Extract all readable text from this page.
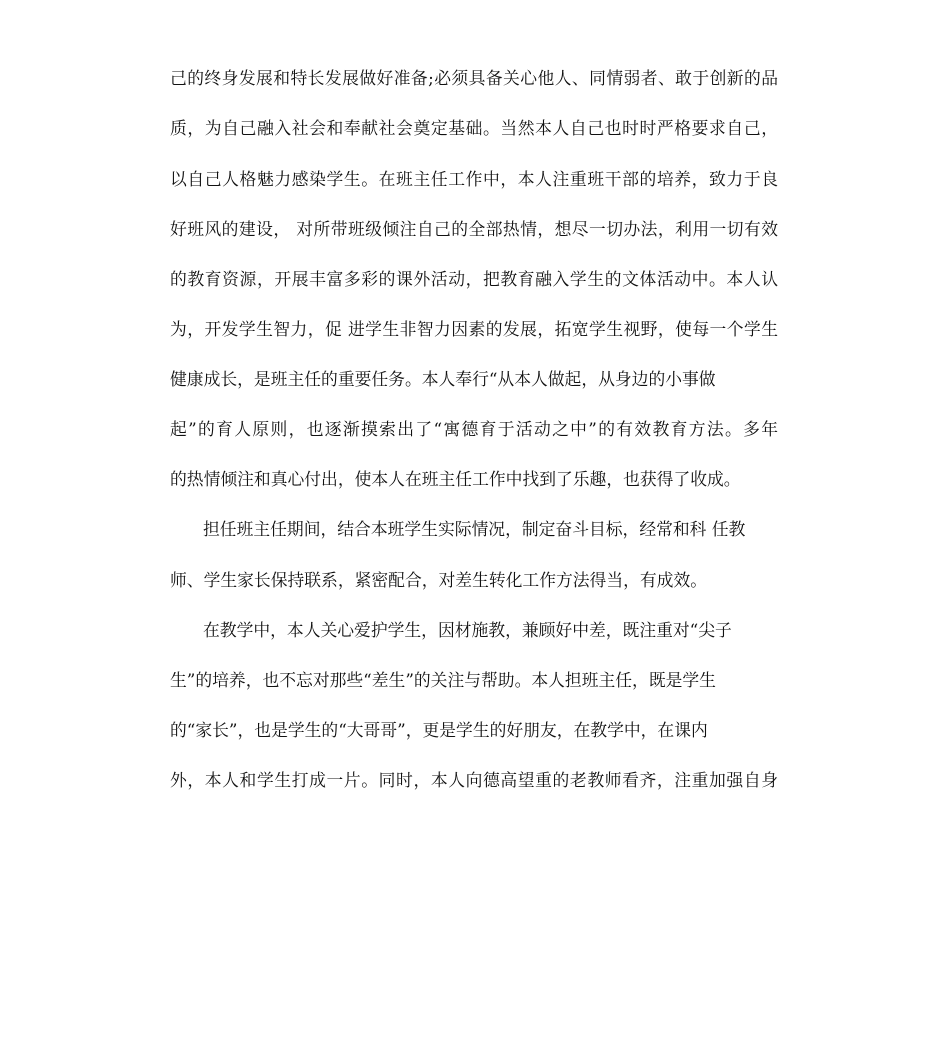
己的终身发展和特长发展做好准备;必须具备关心他人、同情弱者、敢于创新的品

质，为自己融入社会和奉献社会奠定基础。当然本人自己也时时严格要求自己，

以自己人格魅力感染学生。在班主任工作中，本人注重班干部的培养，致力于良

好班风的建设， 对所带班级倾注自己的全部热情，想尽一切办法，利用一切有效

的教育资源，开展丰富多彩的课外活动，把教育融入学生的文体活动中。本人认

为，开发学生智力，促 进学生非智力因素的发展，拓宽学生视野，使每一个学生

健康成长，是班主任的重要任务。本人奉行“从本人做起，从身边的小事做

起”的育人原则，也逐渐摸索出了“寓德育于活动之中”的有效教育方法。多年

的热情倾注和真心付出，使本人在班主任工作中找到了乐趣，也获得了收成。

担任班主任期间，结合本班学生实际情况，制定奋斗目标，经常和科 任教

师、学生家长保持联系，紧密配合，对差生转化工作方法得当，有成效。

在教学中，本人关心爱护学生，因材施教，兼顾好中差，既注重对“尖子

生”的培养，也不忘对那些“差生”的关注与帮助。本人担班主任，既是学生

的“家长”，也是学生的“大哥哥”，更是学生的好朋友，在教学中，在课内

外，本人和学生打成一片。同时，本人向德高望重的老教师看齐，注重加强自身
